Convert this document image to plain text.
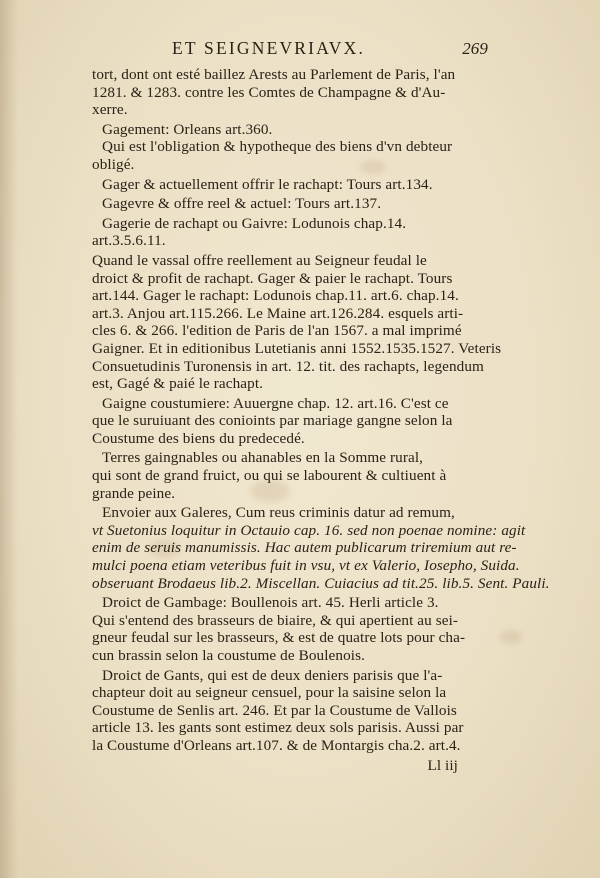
ET SEIGNEVRIAVX.	269
tort, dont ont esté baillez Arests au Parlement de Paris, l'an
1281. & 1283. contre les Comtes de Champagne & d'Au-
xerre.
Gagement: Orleans art.360.
Qui est l'obligation & hypotheque des biens d'vn debteur
obligé.
Gager & actuellement offrir le rachapt: Tours art.134.
Gagevre & offre reel & actuel: Tours art.137.
Gagerie de rachapt ou Gaivre: Lodunois chap.14.
art.3.5.6.11.
Quand le vassal offre reellement au Seigneur feudal le
droict & profit de rachapt. Gager & paier le rachapt. Tours
art.144. Gager le rachapt: Lodunois chap.11. art.6. chap.14.
art.3. Anjou art.115.266. Le Maine art.126.284. esquels arti-
cles 6. & 266. l'edition de Paris de l'an 1567. a mal imprimé
Gaigner. Et in editionibus Lutetianis anni 1552.1535.1527. Veteris
Consuetudinis Turonensis in art. 12. tit. des rachapts, legendum
est, Gagé & paié le rachapt.
Gaigne coustumiere: Auuergne chap. 12. art.16. C'est ce
que le suruiuant des conioints par mariage gangne selon la
Coustume des biens du predecedé.
Terres gaingnables ou ahanables en la Somme rural,
qui sont de grand fruict, ou qui se labourent & cultiuent à
grande peine.
Envoier aux Galeres, Cum reus criminis datur ad remum,
vt Suetonius loquitur in Octauio cap. 16. sed non poenae nomine: agit
enim de seruis manumissis. Hac autem publicarum triremium aut re-
mulci poena etiam veteribus fuit in vsu, vt ex Valerio, Iosepho, Suida.
obseruant Brodaeus lib.2. Miscellan. Cuiacius ad tit.25. lib.5. Sent. Pauli.
Droict de Gambage: Boullenois art. 45. Herli article 3.
Qui s'entend des brasseurs de biaire, & qui apertient au sei-
gneur feudal sur les brasseurs, & est de quatre lots pour cha-
cun brassin selon la coustume de Boulenois.
Droict de Gants, qui est de deux deniers parisis que l'a-
chapteur doit au seigneur censuel, pour la saisine selon la
Coustume de Senlis art. 246. Et par la Coustume de Vallois
article 13. les gants sont estimez deux sols parisis. Aussi par
la Coustume d'Orleans art.107. & de Montargis cha.2. art.4.
Ll iij
